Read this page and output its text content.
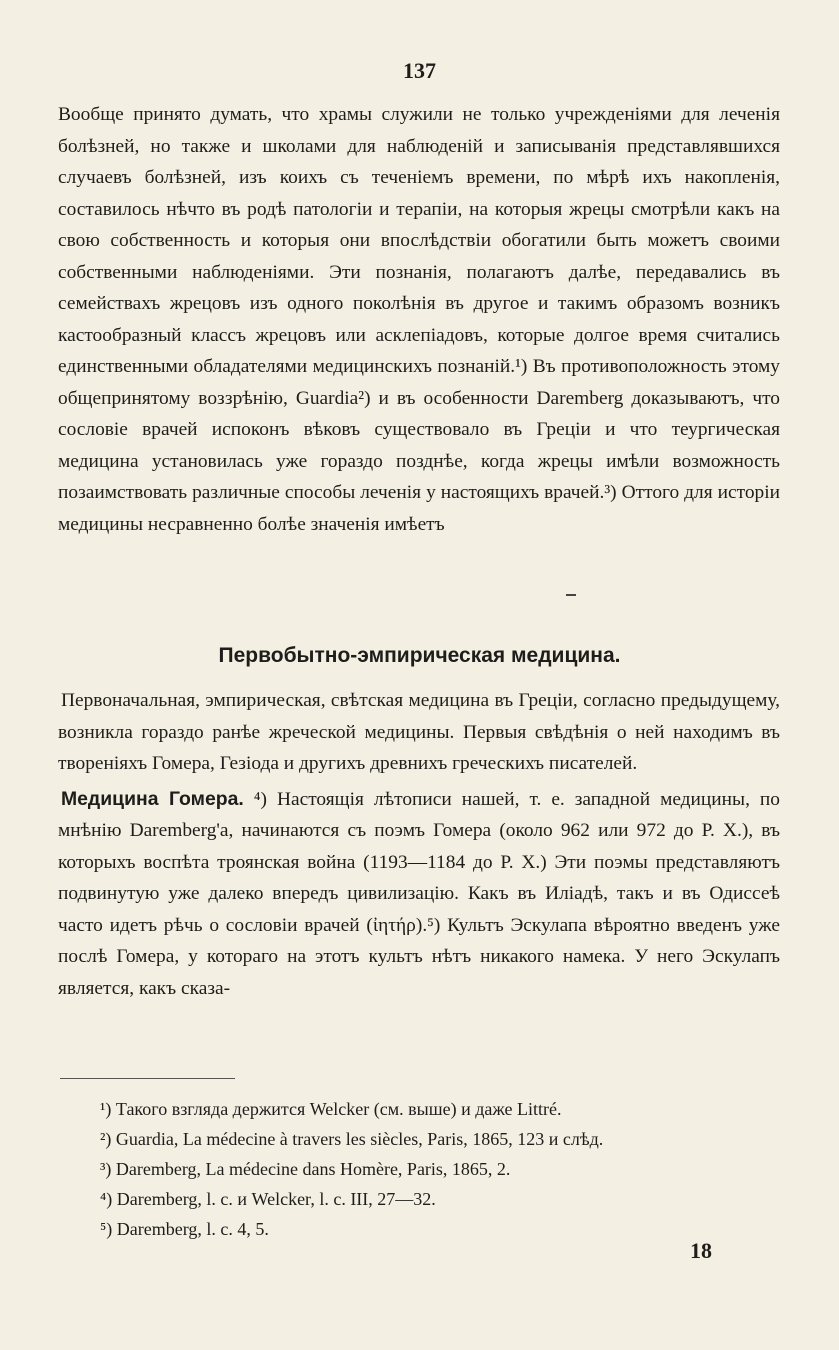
137

Вообще принято думать, что храмы служили не только учрежденіями для леченія болѣзней, но также и школами для наблюденій и записыванія представлявшихся случаевъ болѣзней, изъ коихъ съ теченіемъ времени, по мѣрѣ ихъ накопленія, составилось нѣчто въ родѣ патологіи и терапіи, на которыя жрецы смотрѣли какъ на свою собственность и которыя они впослѣдствіи обогатили быть можетъ своими собственными наблюденіями. Эти познанія, полагаютъ далѣе, передавались въ семействахъ жрецовъ изъ одного поколѣнія въ другое и такимъ образомъ возникъ кастообразный классъ жрецовъ или асклепіадовъ, которые долгое время считались единственными обладателями медицинскихъ познаній.¹) Въ противоположность этому общепринятому воззрѣнію, Guardia²) и въ особенности Daremberg доказываютъ, что сословіе врачей испоконъ вѣковъ существовало въ Греціи и что теургическая медицина установилась уже гораздо позднѣе, когда жрецы имѣли возможность позаимствовать различные способы леченія у настоящихъ врачей.³) Оттого для исторіи медицины несравненно болѣе значенія имѣетъ

Первобытно-эмпирическая медицина.

Первоначальная, эмпирическая, свѣтская медицина въ Греціи, согласно предыдущему, возникла гораздо ранѣе жреческой медицины. Первыя свѣдѣнія о ней находимъ въ твореніяхъ Гомера, Гезіода и другихъ древнихъ греческихъ писателей.

Медицина Гомера. ⁴) Настоящія лѣтописи нашей, т. е. западной медицины, по мнѣнію Daremberg'а, начинаются съ поэмъ Гомера (около 962 или 972 до Р. Х.), въ которыхъ воспѣта троянская война (1193—1184 до Р. Х.) Эти поэмы представляютъ подвинутую уже далеко впередъ цивилизацію. Какъ въ Иліадѣ, такъ и въ Одиссеѣ часто идетъ рѣчь о сословіи врачей (ἰητήρ).⁵) Культъ Эскулапа вѣроятно введенъ уже послѣ Гомера, у котораго на этотъ культъ нѣтъ никакого намека. У него Эскулапъ является, какъ сказа-

¹) Такого взгляда держится Welcker (см. выше) и даже Littré.

²) Guardia, La médecine à travers les siècles, Paris, 1865, 123 и слѣд.

³) Daremberg, La médecine dans Homère, Paris, 1865, 2.

⁴) Daremberg, l. c. и Welcker, l. c. III, 27—32.

⁵) Daremberg, l. c. 4, 5.

18
